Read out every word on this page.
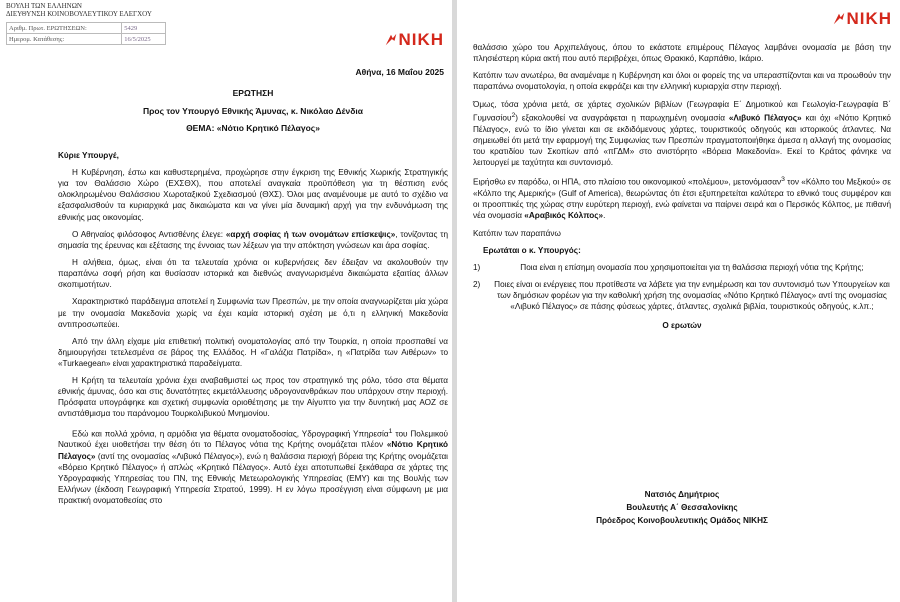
ΒΟΥΛΗ ΤΩΝ ΕΛΛΗΝΩΝ
ΔΙΕΥΘΥΝΣΗ ΚΟΙΝΟΒΟΥΛΕΥΤΙΚΟΥ ΕΛΕΓΧΟΥ
Αριθμ. Πρωτ. ΕΡΩΤΗΣΕΩΝ:	5429
Ημερομ. Κατάθεσης:	16/5/2025	NIKH
Αθήνα, 16 Μαΐου 2025
ΕΡΩΤΗΣΗ
Προς τον Υπουργό Εθνικής Άμυνας, κ. Νικόλαο Δένδια
ΘΕΜΑ: «Νότιο Κρητικό Πέλαγος»

Κύριε Υπουργέ,

Η Κυβέρνηση, έστω και καθυστερημένα, προχώρησε στην έγκριση της Εθνικής Χωρικής Στρατηγικής για τον Θαλάσσιο Χώρο (ΕΧΣΘΧ), που αποτελεί αναγκαία προϋπόθεση για τη θέσπιση ενός ολοκληρωμένου Θαλάσσιου Χωροταξικού Σχεδιασμού (ΘΧΣ). Όλοι μας αναμένουμε με αυτό το σχέδιο να εξασφαλισθούν τα κυριαρχικά μας δικαιώματα και να γίνει μία δυναμική αρχή για την ενδυνάμωση της εθνικής μας οικονομίας.

Ο Αθηναίος φιλόσοφος Αντισθένης έλεγε: «αρχή σοφίας ή των ονομάτων επίσκεψις», τονίζοντας τη σημασία της έρευνας και εξέτασης της έννοιας των λέξεων για την απόκτηση γνώσεων και άρα σοφίας.

Η αλήθεια, όμως, είναι ότι τα τελευταία χρόνια οι κυβερνήσεις δεν έδειξαν να ακολουθούν την παραπάνω σοφή ρήση και θυσίασαν ιστορικά και διεθνώς αναγνωρισμένα δικαιώματα εξαιτίας άλλων σκοπιμοτήτων.

Χαρακτηριστικό παράδειγμα αποτελεί η Συμφωνία των Πρεσπών, με την οποία αναγνωρίζεται μία χώρα με την ονομασία Μακεδονία χωρίς να έχει καμία ιστορική σχέση με ό,τι η ελληνική Μακεδονία αντιπροσωπεύει.

Από την άλλη είχαμε μία επιθετική πολιτική ονοματολογίας από την Τουρκία, η οποία προσπαθεί να δημιουργήσει τετελεσμένα σε βάρος της Ελλάδος. Η «Γαλάζια Πατρίδα», η «Πατρίδα των Αιθέρων» το «Turkaegean» είναι χαρακτηριστικά παραδείγματα.

Η Κρήτη τα τελευταία χρόνια έχει αναβαθμιστεί ως προς τον στρατηγικό της ρόλο, τόσο στα θέματα εθνικής άμυνας, όσο και στις δυνατότητες εκμετάλλευσης υδρογονανθράκων που υπάρχουν στην περιοχή. Πρόσφατα υπογράφηκε και σχετική συμφωνία οριοθέτησης με την Αίγυπτο για την δυνητική μας ΑΟΖ σε αντιστάθμισμα του παράνομου Τουρκολιβυκού Μνημονίου.

Εδώ και πολλά χρόνια, η αρμόδια για θέματα ονοματοδοσίας, Υδρογραφική Υπηρεσία$^1$ του Πολεμικού Ναυτικού έχει υιοθετήσει την θέση ότι το Πέλαγος νότια της Κρήτης ονομάζεται πλέον «Νότιο Κρητικό Πέλαγος» (αντί της ονομασίας «Λιβυκό Πέλαγος»), ενώ η θαλάσσια περιοχή βόρεια της Κρήτης ονομάζεται «Βόρειο Κρητικό Πέλαγος» ή απλώς «Κρητικό Πέλαγος». Αυτό έχει αποτυπωθεί ξεκάθαρα σε χάρτες της Υδρογραφικής Υπηρεσίας του ΠΝ, της Εθνικής Μετεωρολογικής Υπηρεσίας (ΕΜΥ) και της Βουλής των Ελλήνων (έκδοση Γεωγραφική Υπηρεσία Στρατού, 1999). Η εν λόγω προσέγγιση είναι σύμφωνη με μια πρακτική ονοματοθεσίας στο

NIKH

θαλάσσιο χώρο του Αρχιπελάγους, όπου το εκάστοτε επιμέρους Πέλαγος λαμβάνει ονομασία με βάση την πλησιέστερη κύρια ακτή που αυτό περιβρέχει, όπως Θρακικό, Καρπάθιο, Ικάριο.

Κατόπιν των ανωτέρω, θα αναμέναμε η Κυβέρνηση και όλοι οι φορείς της να υπερασπίζονται και να προωθούν την παραπάνω ονοματολογία, η οποία εκφράζει και την ελληνική κυριαρχία στην περιοχή.

Όμως, τόσα χρόνια μετά, σε χάρτες σχολικών βιβλίων (Γεωγραφία Ε΄ Δημοτικού και Γεωλογία-Γεωγραφία Β΄ Γυμνασίου$^2$) εξακολουθεί να αναγράφεται η παρωχημένη ονομασία «Λιβυκό Πέλαγος» και όχι «Νότιο Κρητικό Πέλαγος», ενώ το ίδιο γίνεται και σε εκδιδόμενους χάρτες, τουριστικούς οδηγούς και ιστορικούς άτλαντες. Να σημειωθεί ότι μετά την εφαρμογή της Συμφωνίας των Πρεσπών πραγματοποιήθηκε άμεσα η αλλαγή της ονομασίας του κρατιδίου των Σκοπίων από «πΓΔΜ» στο ανιστόρητο «Βόρεια Μακεδονία». Εκεί το Κράτος φάνηκε να λειτουργεί με ταχύτητα και συντονισμό.

Ειρήσθω εν παρόδω, οι ΗΠΑ, στο πλαίσιο του οικονομικού «πολέμου», μετονόμασαν$^3$ τον «Κόλπο του Μεξικού» σε «Κόλπο της Αμερικής» (Gulf of America), θεωρώντας ότι έτσι εξυπηρετείται καλύτερα το εθνικό τους συμφέρον και οι προοπτικές της χώρας στην ευρύτερη περιοχή, ενώ φαίνεται να παίρνει σειρά και ο Περσικός Κόλπος, με πιθανή νέα ονομασία «Αραβικός Κόλπος».

Κατόπιν των παραπάνω

Ερωτάται ο κ. Υπουργός:

1)	Ποια είναι η επίσημη ονομασία που χρησιμοποιείται για τη θαλάσσια περιοχή νότια της Κρήτης;
2)	Ποιες είναι οι ενέργειες που προτίθεστε να λάβετε για την ενημέρωση και τον συντονισμό των Υπουργείων και των δημόσιων φορέων για την καθολική χρήση της ονομασίας «Νότιο Κρητικό Πέλαγος» αντί της ονομασίας «Λιβυκό Πέλαγος» σε πάσης φύσεως χάρτες, άτλαντες, σχολικά βιβλία, τουριστικούς οδηγούς, κ.λπ.;

Ο ερωτών

Νατσιός Δημήτριος
Βουλευτής Α΄ Θεσσαλονίκης
Πρόεδρος Κοινοβουλευτικής Ομάδος ΝΙΚΗΣ
